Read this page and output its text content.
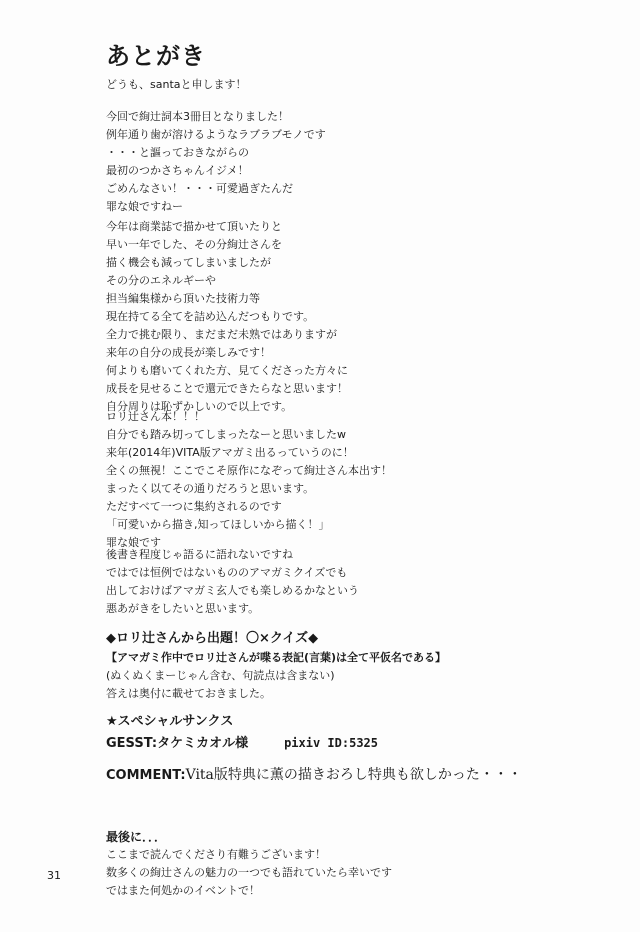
あとがき
どうも、santaと申します！
今回で絢辻詞本3冊目となりました！
例年通り歯が溶けるようなラブラブモノです
・・・と謳っておきながらの
最初のつかさちゃんイジメ！
ごめんなさい！・・・可愛過ぎたんだ
罪な娘ですねー
今年は商業誌で描かせて頂いたりと
早い一年でした、その分絢辻さんを
描く機会も減ってしまいましたが
その分のエネルギーや
担当編集様から頂いた技術力等
現在持てる全てを詰め込んだつもりです。
全力で挑む限り、まだまだ未熟ではありますが
来年の自分の成長が楽しみです！
何よりも磨いてくれた方、見てくださった方々に
成長を見せることで還元できたらなと思います！
自分周りは恥ずかしいので以上です。
ロリ辻さん本！！！
自分でも踏み切ってしまったなーと思いましたw
来年(2014年)VITA版アマガミ出るっていうのに！
全くの無視！ここでこそ原作になぞって絢辻さん本出す！
まったく以てその通りだろうと思います。
ただすべて一つに集約されるのです
「可愛いから描き,知ってほしいから描く！」
罪な娘です
後書き程度じゃ語るに語れないですね
ではでは恒例ではないもののアマガミクイズでも
出しておけばアマガミ玄人でも楽しめるかなという
悪あがきをしたいと思います。
◆ロリ辻さんから出題！〇×クイズ◆
【アマガミ作中でロリ辻さんが喋る表記(言葉)は全て平仮名である】
(ぬくぬくまーじゃん含む、句読点は含まない)
答えは奥付に載せておきました。
★スペシャルサンクス
GESST:タケミカオル様	pixiv ID:5325
COMMENT:Vita版特典に薫の描きおろし特典も欲しかった・・・
最後に．．．
ここまで読んでくださり有難うございます！
数多くの絢辻さんの魅力の一つでも語れていたら幸いです
ではまた何処かのイベントで！

31
